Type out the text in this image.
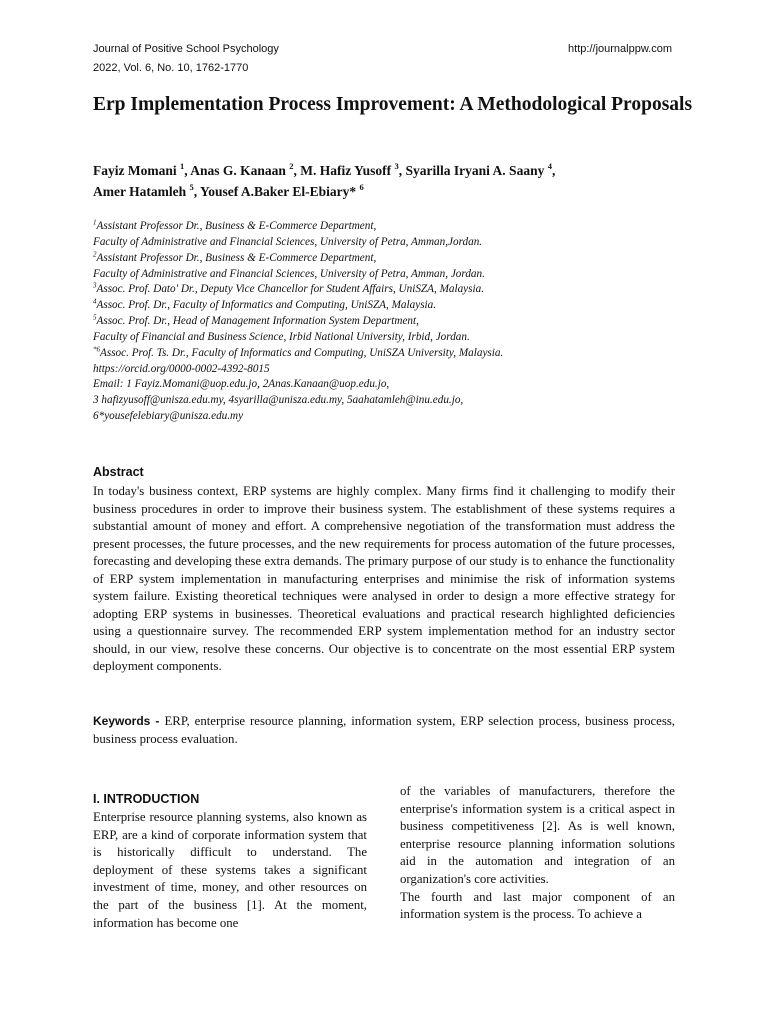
Journal of Positive School Psychology
2022, Vol. 6, No. 10, 1762-1770
http://journalppw.com
Erp Implementation Process Improvement: A Methodological Proposals
Fayiz Momani $^1$, Anas G. Kanaan $^2$, M. Hafiz Yusoff $^3$, Syarilla Iryani A. Saany $^4$,
Amer Hatamleh $^5$, Yousef A.Baker El-Ebiary* $^6$
$^1$Assistant Professor Dr., Business & E-Commerce Department,
Faculty of Administrative and Financial Sciences, University of Petra, Amman,Jordan.
$^2$Assistant Professor Dr., Business & E-Commerce Department,
Faculty of Administrative and Financial Sciences, University of Petra, Amman, Jordan.
$^3$Assoc. Prof. Dato' Dr., Deputy Vice Chancellor for Student Affairs, UniSZA, Malaysia.
$^4$Assoc. Prof. Dr., Faculty of Informatics and Computing, UniSZA, Malaysia.
$^5$Assoc. Prof. Dr., Head of Management Information System Department,
Faculty of Financial and Business Science, Irbid National University, Irbid, Jordan.
$^{*6}$Assoc. Prof. Ts. Dr., Faculty of Informatics and Computing, UniSZA University, Malaysia.
https://orcid.org/0000-0002-4392-8015
Email: 1 Fayiz.Momani@uop.edu.jo, 2Anas.Kanaan@uop.edu.jo,
3 hafizyusoff@unisza.edu.my, 4syarilla@unisza.edu.my, 5aahatamleh@inu.edu.jo,
6*yousefelebiary@unisza.edu.my
Abstract

In today's business context, ERP systems are highly complex. Many firms find it challenging to modify their business procedures in order to improve their business system. The establishment of these systems requires a substantial amount of money and effort. A comprehensive negotiation of the transformation must address the present processes, the future processes, and the new requirements for process automation of the future processes, forecasting and developing these extra demands. The primary purpose of our study is to enhance the functionality of ERP system implementation in manufacturing enterprises and minimise the risk of information systems system failure. Existing theoretical techniques were analysed in order to design a more effective strategy for adopting ERP systems in businesses. Theoretical evaluations and practical research highlighted deficiencies using a questionnaire survey. The recommended ERP system implementation method for an industry sector should, in our view, resolve these concerns. Our objective is to concentrate on the most essential ERP system deployment components.

Keywords - ERP, enterprise resource planning, information system, ERP selection process, business process, business process evaluation.

I. INTRODUCTION

Enterprise resource planning systems, also known as ERP, are a kind of corporate information system that is historically difficult to understand. The deployment of these systems takes a significant investment of time, money, and other resources on the part of the business [1]. At the moment, information has become one

of the variables of manufacturers, therefore the enterprise's information system is a critical aspect in business competitiveness [2]. As is well known, enterprise resource planning information solutions aid in the automation and integration of an organization's core activities.

The fourth and last major component of an information system is the process. To achieve a
